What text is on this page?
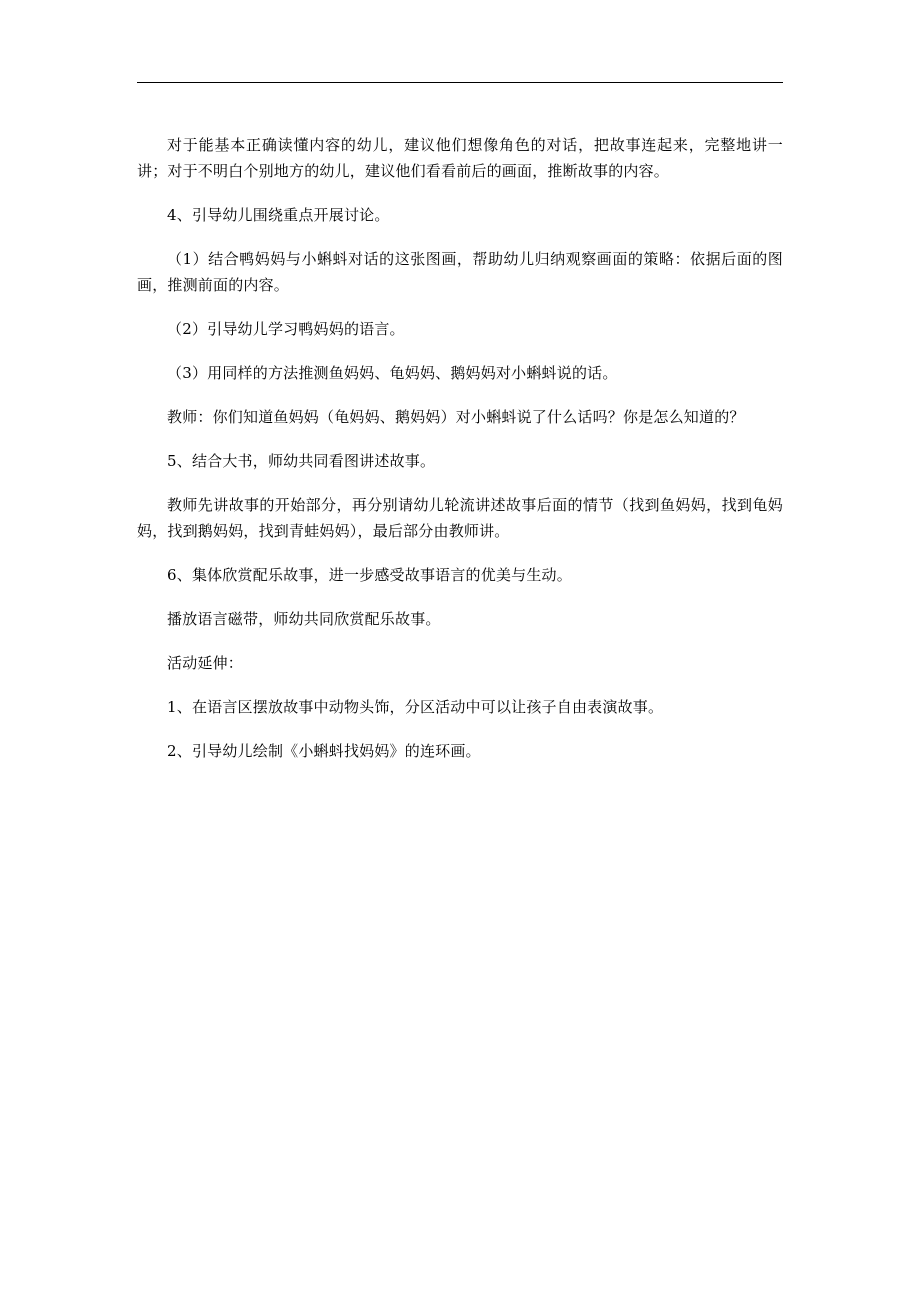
对于能基本正确读懂内容的幼儿，建议他们想像角色的对话，把故事连起来，完整地讲一讲；对于不明白个别地方的幼儿，建议他们看看前后的画面，推断故事的内容。

4、引导幼儿围绕重点开展讨论。

（1）结合鸭妈妈与小蝌蚪对话的这张图画，帮助幼儿归纳观察画面的策略：依据后面的图画，推测前面的内容。

（2）引导幼儿学习鸭妈妈的语言。

（3）用同样的方法推测鱼妈妈、龟妈妈、鹅妈妈对小蝌蚪说的话。

教师：你们知道鱼妈妈（龟妈妈、鹅妈妈）对小蝌蚪说了什么话吗？你是怎么知道的？

5、结合大书，师幼共同看图讲述故事。

教师先讲故事的开始部分，再分别请幼儿轮流讲述故事后面的情节（找到鱼妈妈，找到龟妈妈，找到鹅妈妈，找到青蛙妈妈），最后部分由教师讲。

6、集体欣赏配乐故事，进一步感受故事语言的优美与生动。

播放语言磁带，师幼共同欣赏配乐故事。

活动延伸：

1、在语言区摆放故事中动物头饰，分区活动中可以让孩子自由表演故事。

2、引导幼儿绘制《小蝌蚪找妈妈》的连环画。
